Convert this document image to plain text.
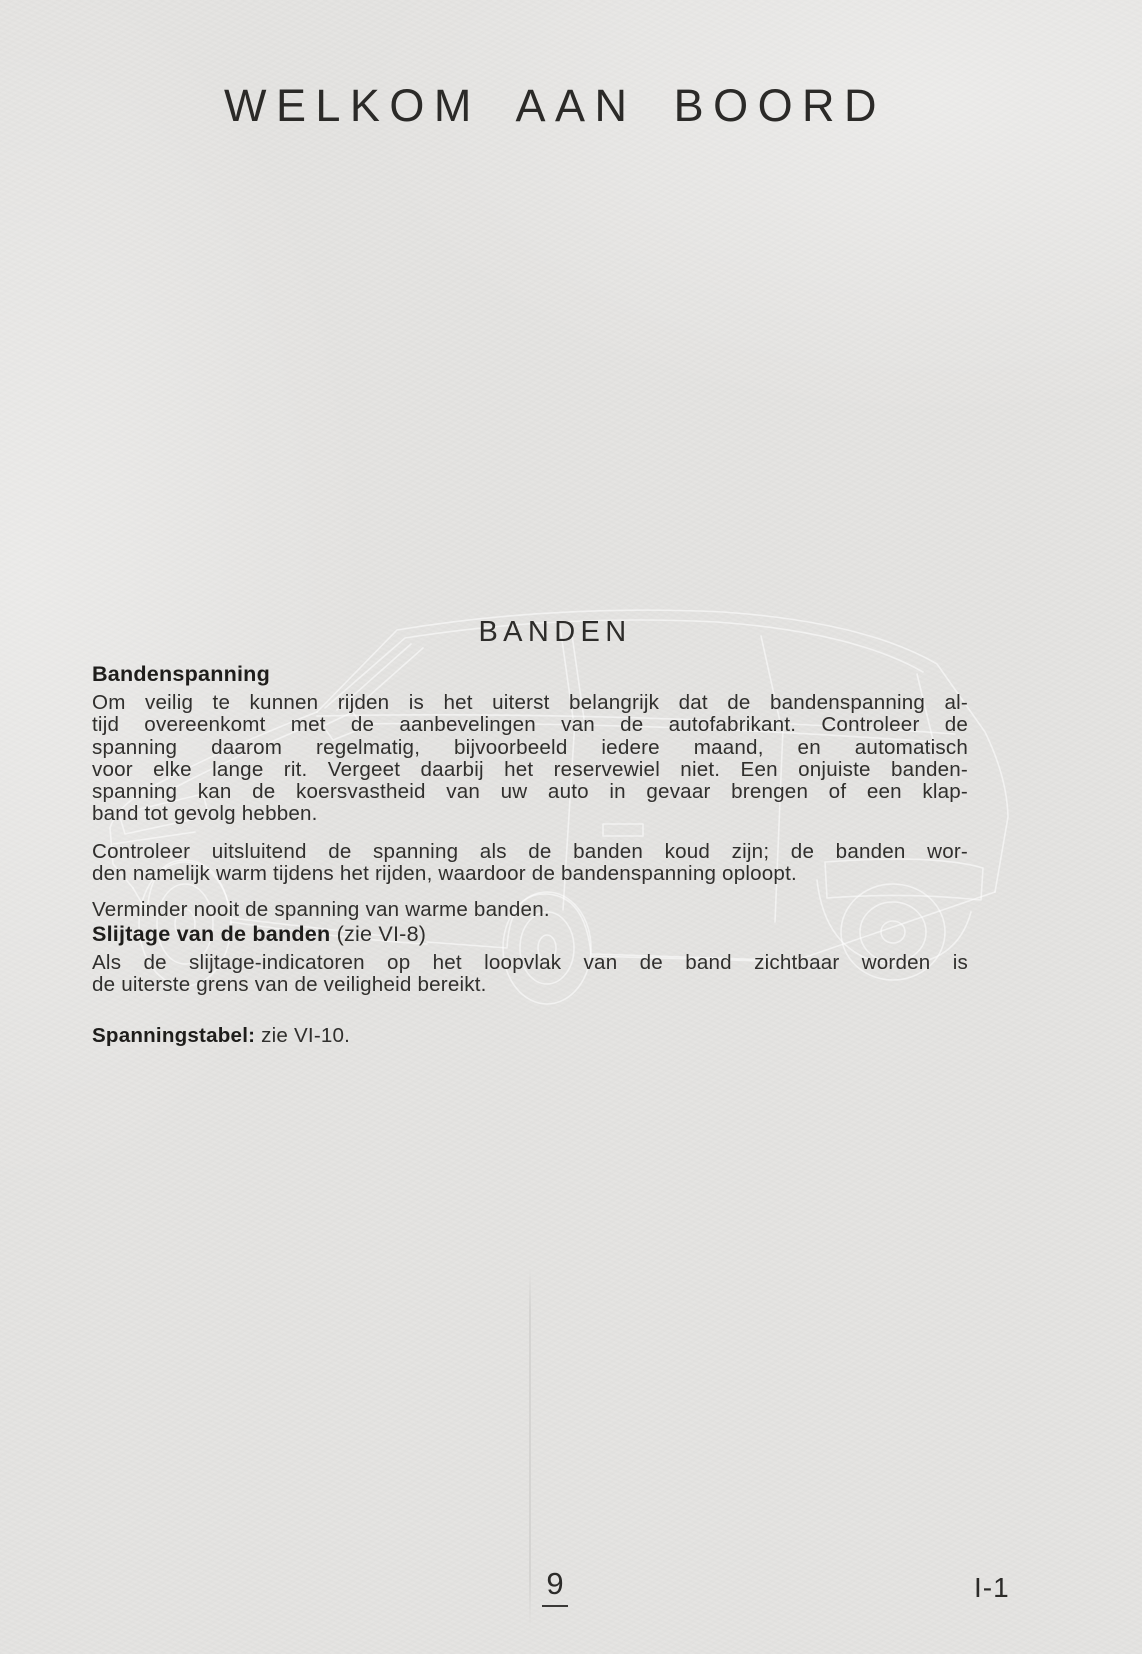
WELKOM AAN BOORD
BANDEN
Bandenspanning

Om veilig te kunnen rijden is het uiterst belangrijk dat de bandenspanning al-
tijd overeenkomt met de aanbevelingen van de autofabrikant. Controleer de
spanning daarom regelmatig, bijvoorbeeld iedere maand, en automatisch
voor elke lange rit. Vergeet daarbij het reservewiel niet. Een onjuiste banden-
spanning kan de koersvastheid van uw auto in gevaar brengen of een klap-
band tot gevolg hebben.

Controleer uitsluitend de spanning als de banden koud zijn; de banden wor-
den namelijk warm tijdens het rijden, waardoor de bandenspanning oploopt.

Verminder nooit de spanning van warme banden.

Slijtage van de banden (zie VI-8)

Als de slijtage-indicatoren op het loopvlak van de band zichtbaar worden is
de uiterste grens van de veiligheid bereikt.

Spanningstabel: zie VI-10.

9	I-1
